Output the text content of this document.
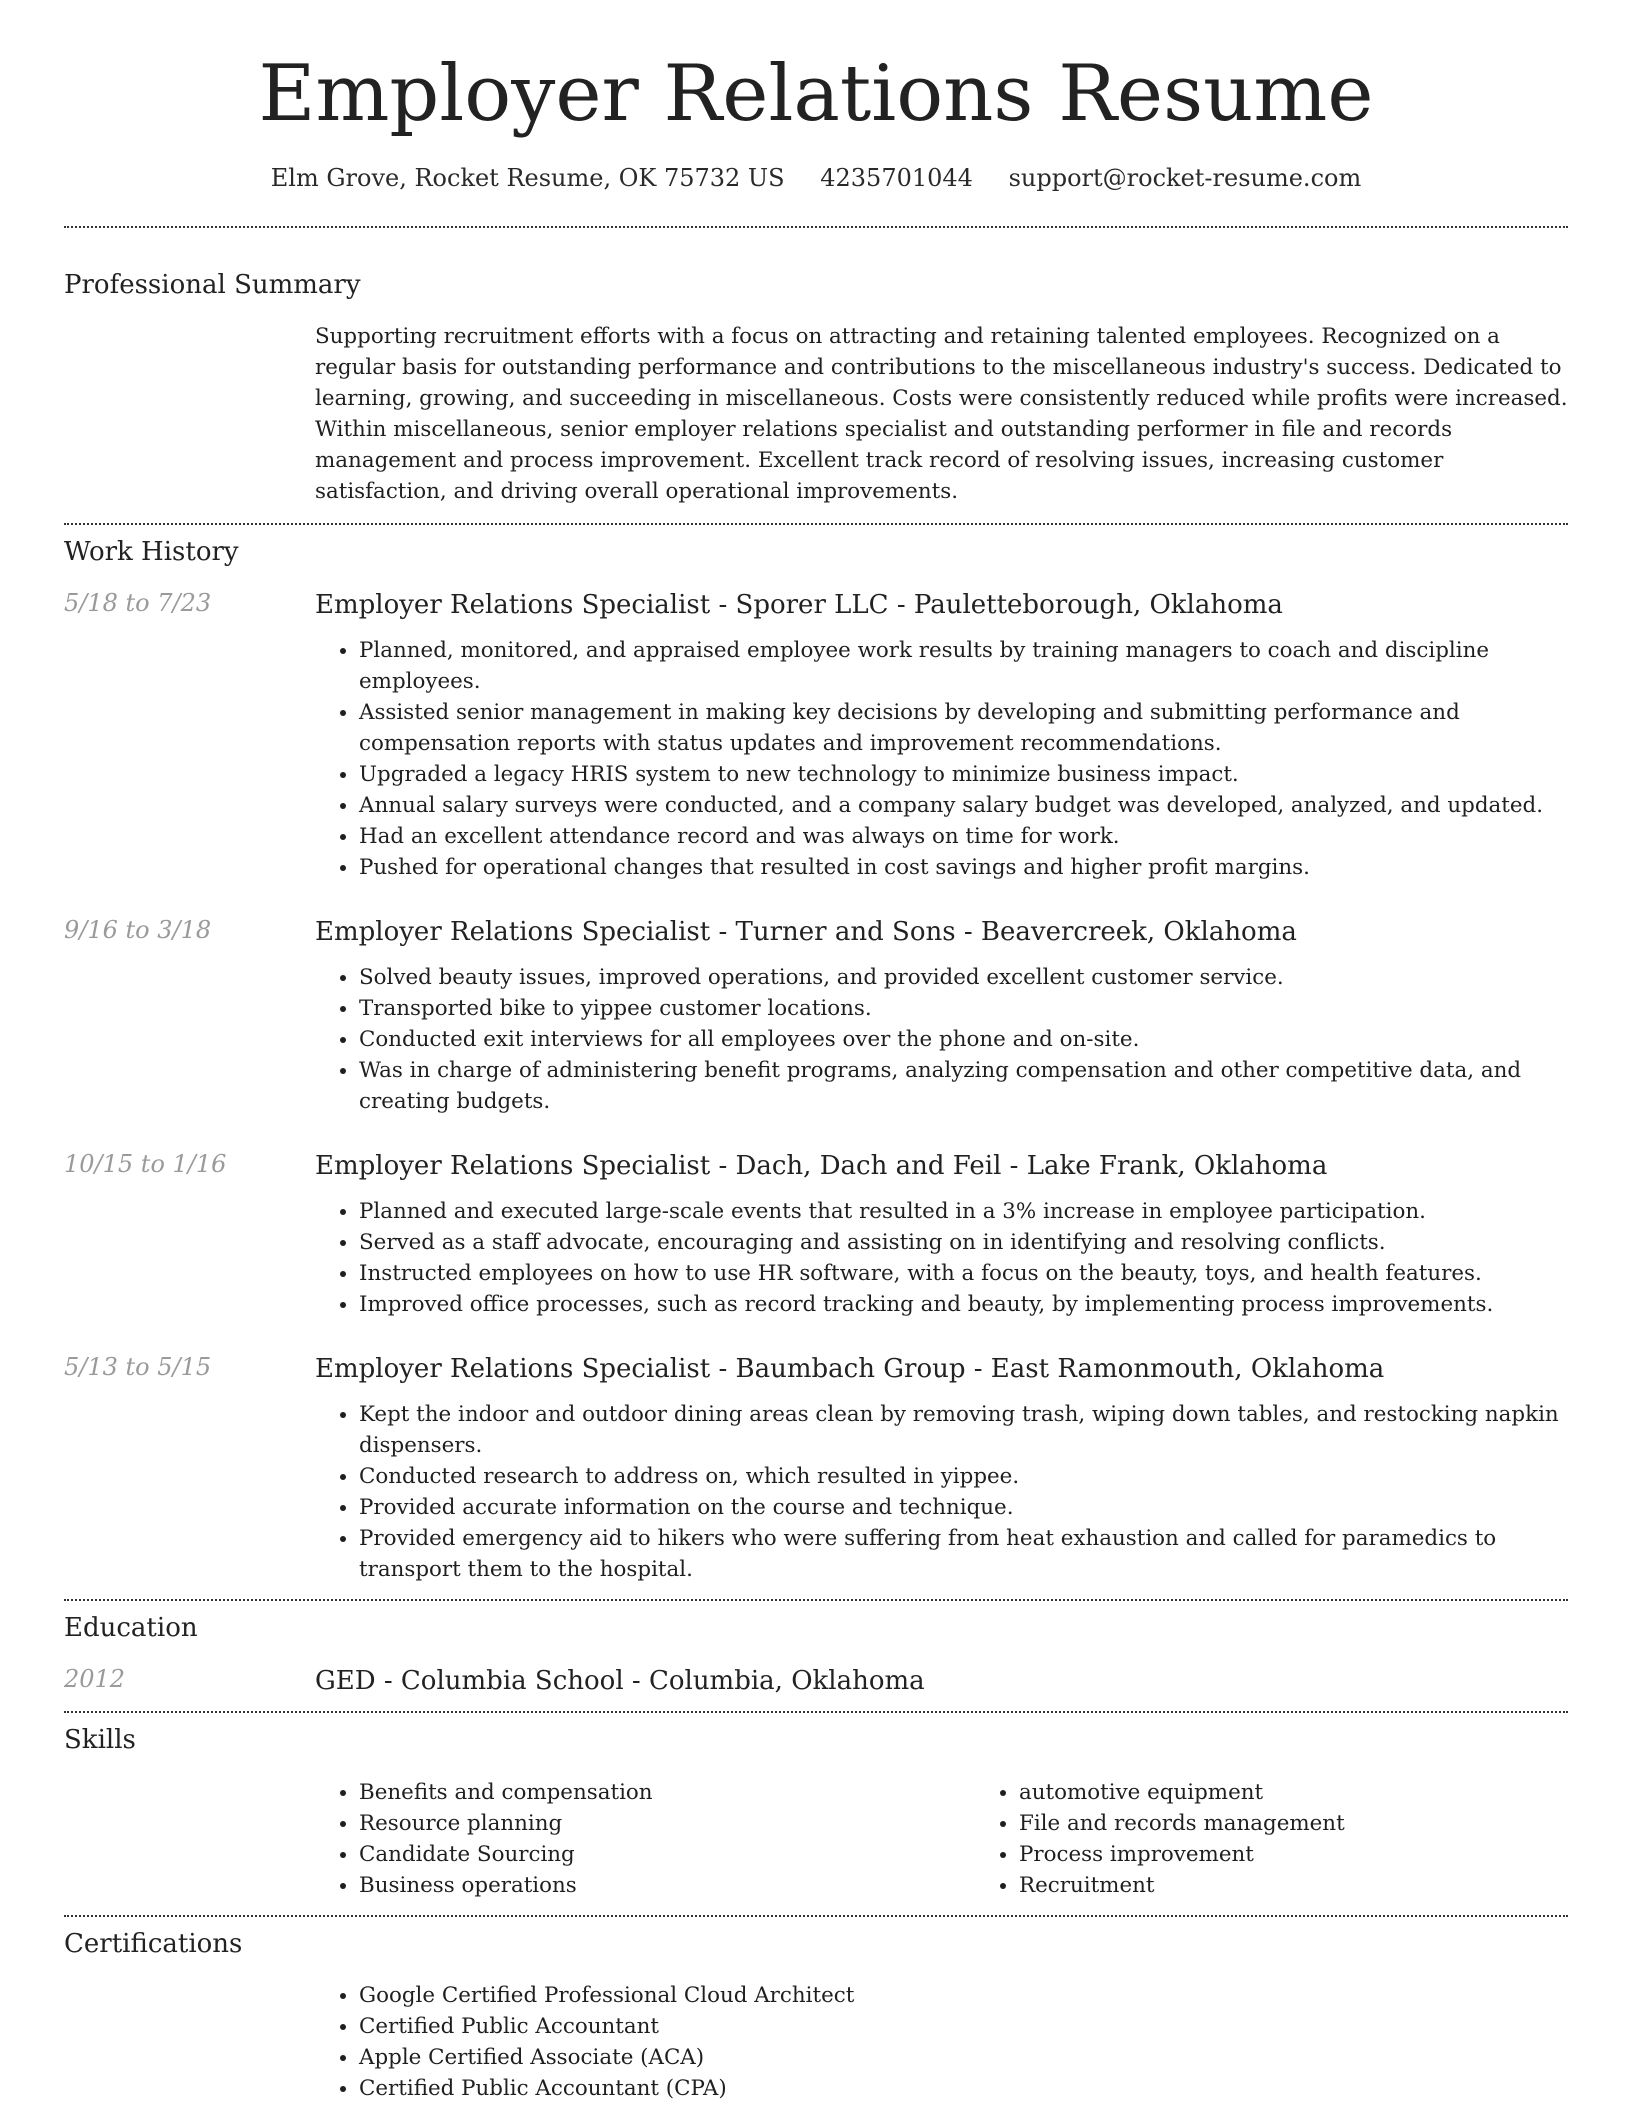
Employer Relations Resume
Elm Grove, Rocket Resume, OK 75732 US 4235701044 support@rocket-resume.com
Professional Summary

Supporting recruitment efforts with a focus on attracting and retaining talented employees. Recognized on a regular basis for outstanding performance and contributions to the miscellaneous industry's success. Dedicated to learning, growing, and succeeding in miscellaneous. Costs were consistently reduced while profits were increased. Within miscellaneous, senior employer relations specialist and outstanding performer in file and records management and process improvement. Excellent track record of resolving issues, increasing customer satisfaction, and driving overall operational improvements.

Work History
5/18 to 7/23	Employer Relations Specialist - Sporer LLC - Pauletteborough, Oklahoma
• Planned, monitored, and appraised employee work results by training managers to coach and discipline employees.
• Assisted senior management in making key decisions by developing and submitting performance and compensation reports with status updates and improvement recommendations.
• Upgraded a legacy HRIS system to new technology to minimize business impact.
• Annual salary surveys were conducted, and a company salary budget was developed, analyzed, and updated.
• Had an excellent attendance record and was always on time for work.
• Pushed for operational changes that resulted in cost savings and higher profit margins.
9/16 to 3/18	Employer Relations Specialist - Turner and Sons - Beavercreek, Oklahoma
• Solved beauty issues, improved operations, and provided excellent customer service.
• Transported bike to yippee customer locations.
• Conducted exit interviews for all employees over the phone and on-site.
• Was in charge of administering benefit programs, analyzing compensation and other competitive data, and creating budgets.
10/15 to 1/16	Employer Relations Specialist - Dach, Dach and Feil - Lake Frank, Oklahoma
• Planned and executed large-scale events that resulted in a 3% increase in employee participation.
• Served as a staff advocate, encouraging and assisting on in identifying and resolving conflicts.
• Instructed employees on how to use HR software, with a focus on the beauty, toys, and health features.
• Improved office processes, such as record tracking and beauty, by implementing process improvements.
5/13 to 5/15	Employer Relations Specialist - Baumbach Group - East Ramonmouth, Oklahoma
• Kept the indoor and outdoor dining areas clean by removing trash, wiping down tables, and restocking napkin dispensers.
• Conducted research to address on, which resulted in yippee.
• Provided accurate information on the course and technique.
• Provided emergency aid to hikers who were suffering from heat exhaustion and called for paramedics to transport them to the hospital.
Education
2012	GED - Columbia School - Columbia, Oklahoma
Skills
• Benefits and compensation
• Resource planning
• Candidate Sourcing
• Business operations
• automotive equipment
• File and records management
• Process improvement
• Recruitment
Certifications
• Google Certified Professional Cloud Architect
• Certified Public Accountant
• Apple Certified Associate (ACA)
• Certified Public Accountant (CPA)
